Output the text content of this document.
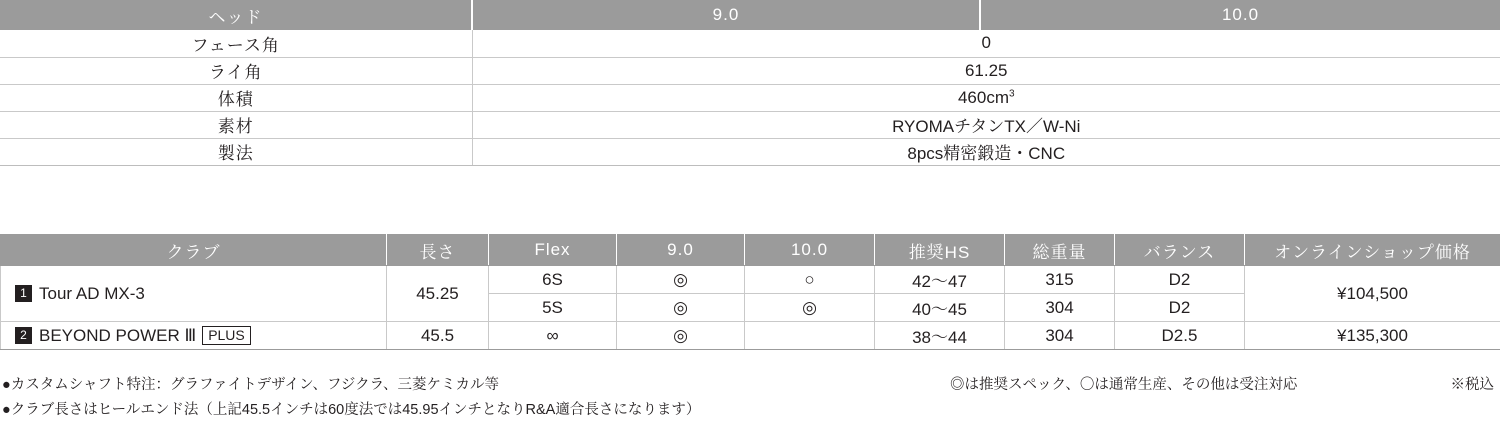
ヘッド	9.0	10.0
フェース角	0	
ライ角	61.25	
体積	$460cm^3$
素材	RYOMAチタンTX／W-Ni	
製法	8pcs精密鍛造・CNC	
クラブ	長さ	Flex	9.0	10.0	推奨HS	総重量	バランス	オンラインショップ価格
1 Tour AD MX-3	45.25	6S	◎	○	42〜47	315	D2	¥104,500
		5S	◎	◎	40〜45	304	D2	
2 BEYOND POWER Ⅲ PLUS	45.5	∞	◎		38〜44	304	D2.5	¥135,300
●カスタムシャフト特注：グラファイトデザイン、フジクラ、三菱ケミカル等	◎は推奨スペック、〇は通常生産、その他は受注対応	※税込
●クラブ長さはヒールエンド法（上記45.5インチは60度法では45.95インチとなりR&A適合長さになります）
